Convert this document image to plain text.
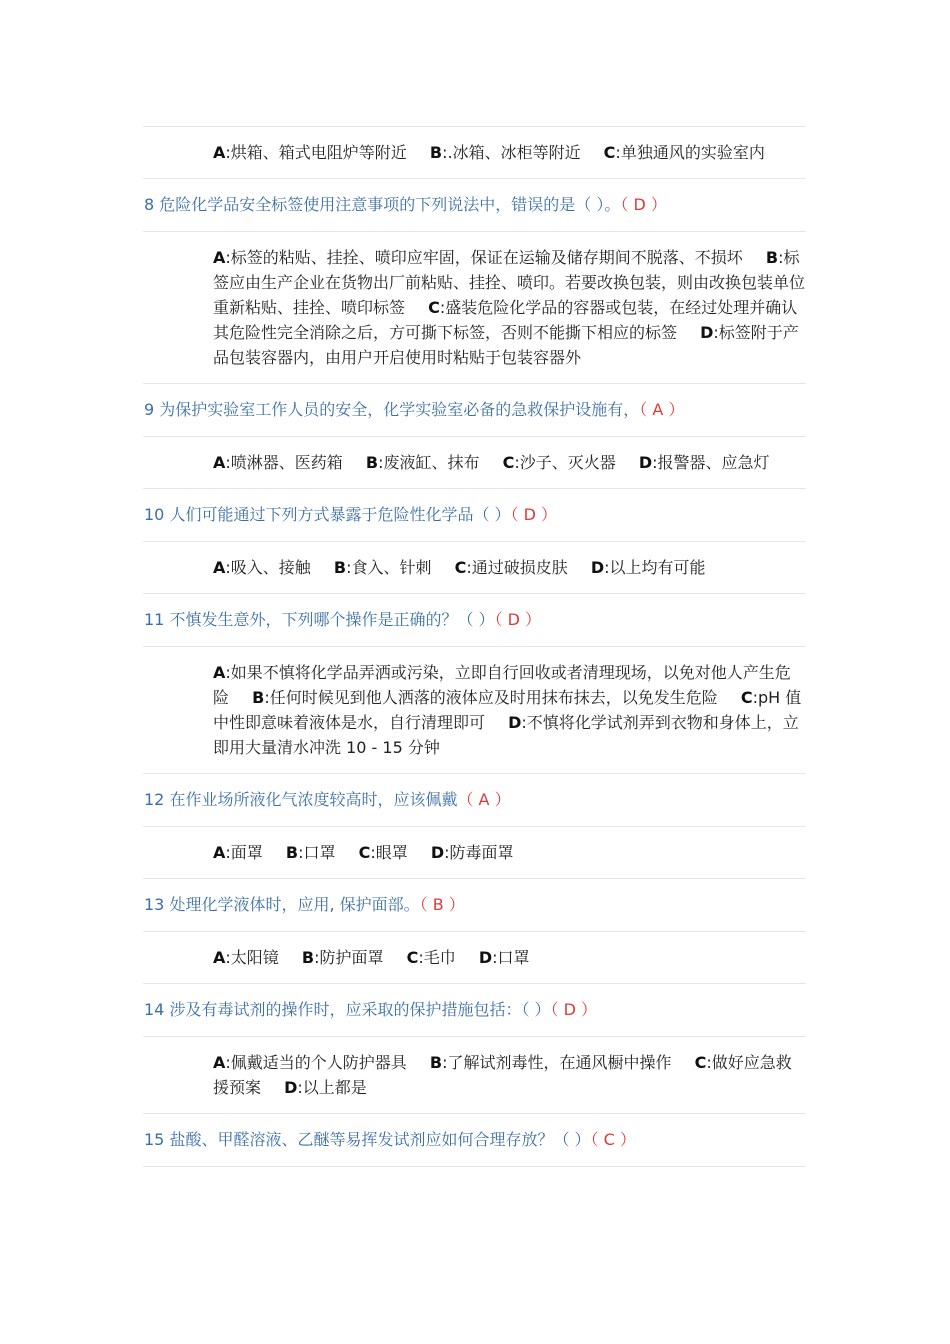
A:烘箱、箱式电阻炉等附近 B:.冰箱、冰柜等附近 C:单独通风的实验室内
8 危险化学品安全标签使用注意事项的下列说法中，错误的是（ ）。（ D ）
A:标签的粘贴、挂拴、喷印应牢固，保证在运输及储存期间不脱落、不损坏 B:标签应由生产企业在货物出厂前粘贴、挂拴、喷印。若要改换包装，则由改换包装单位重新粘贴、挂拴、喷印标签 C:盛装危险化学品的容器或包装，在经过处理并确认其危险性完全消除之后，方可撕下标签，否则不能撕下相应的标签 D:标签附于产品包装容器内，由用户开启使用时粘贴于包装容器外
9 为保护实验室工作人员的安全，化学实验室必备的急救保护设施有，（ A ）
A:喷淋器、医药箱 B:废液缸、抹布 C:沙子、灭火器 D:报警器、应急灯
10 人们可能通过下列方式暴露于危险性化学品（ ）（ D ）
A:吸入、接触 B:食入、针刺 C:通过破损皮肤 D:以上均有可能
11 不慎发生意外，下列哪个操作是正确的？（ ）（ D ）
A:如果不慎将化学品弄洒或污染，立即自行回收或者清理现场，以免对他人产生危险 B:任何时候见到他人洒落的液体应及时用抹布抹去，以免发生危险 C:pH 值中性即意味着液体是水，自行清理即可 D:不慎将化学试剂弄到衣物和身体上，立即用大量清水冲洗 10 - 15 分钟
12 在作业场所液化气浓度较高时，应该佩戴（ A ）
A:面罩 B:口罩 C:眼罩 D:防毒面罩
13 处理化学液体时，应用, 保护面部。（ B ）
A:太阳镜 B:防护面罩 C:毛巾 D:口罩
14 涉及有毒试剂的操作时，应采取的保护措施包括：（ ）（ D ）
A:佩戴适当的个人防护器具 B:了解试剂毒性，在通风橱中操作 C:做好应急救援预案 D:以上都是
15 盐酸、甲醛溶液、乙醚等易挥发试剂应如何合理存放？（ ）（ C ）
